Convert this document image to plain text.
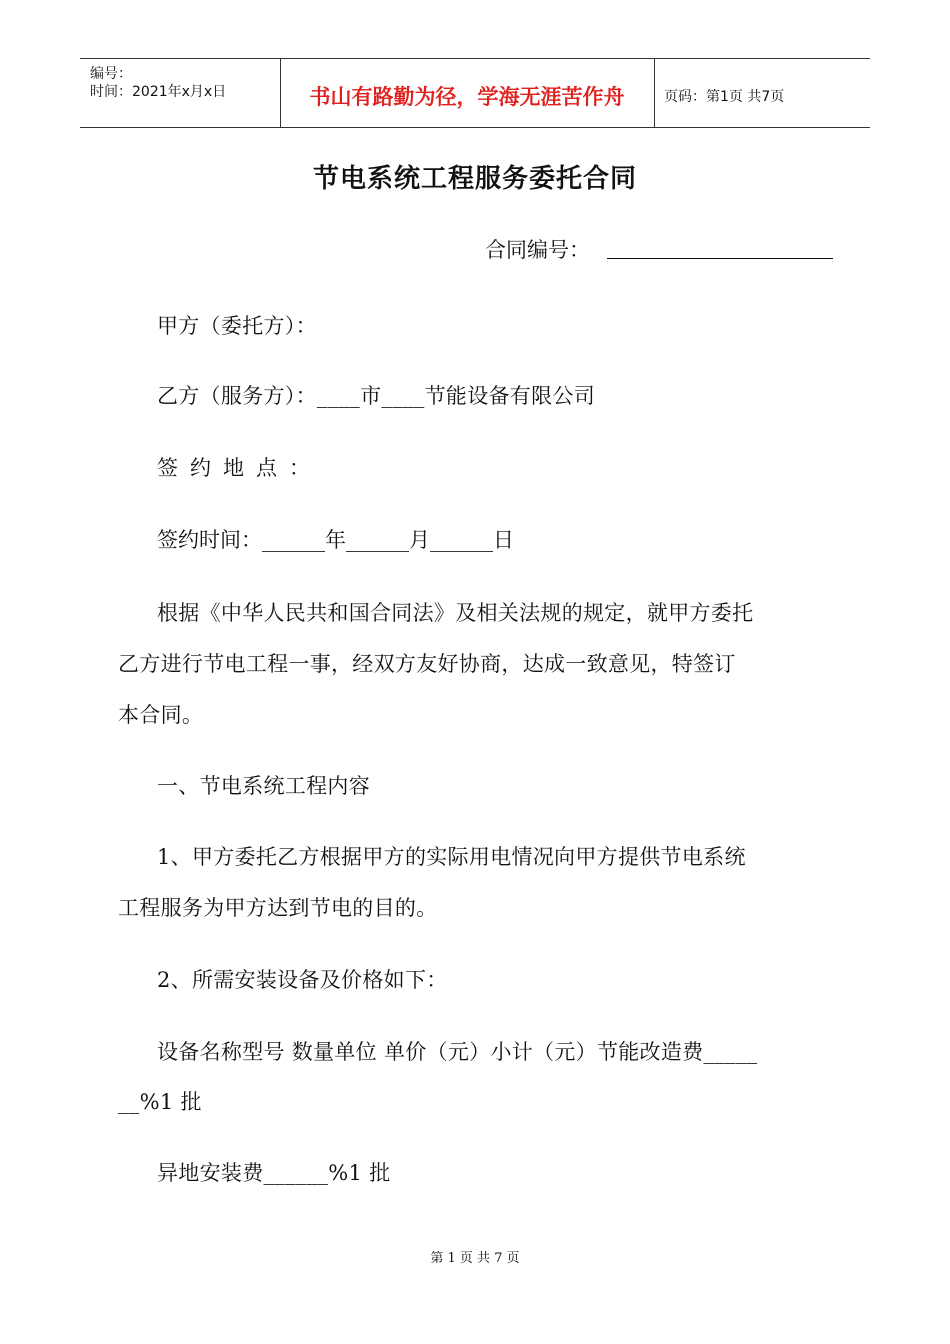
编号：
时间：2021年x月x日	书山有路勤为径，学海无涯苦作舟	页码：第1页 共7页
节电系统工程服务委托合同
合同编号：
甲方（委托方）：
乙方（服务方）：____市____节能设备有限公司
签约地点：
签约时间：______年______月______日
根据《中华人民共和国合同法》及相关法规的规定，就甲方委托
乙方进行节电工程一事，经双方友好协商，达成一致意见，特签订
本合同。
一、节电系统工程内容
1、甲方委托乙方根据甲方的实际用电情况向甲方提供节电系统
工程服务为甲方达到节电的目的。
2、所需安装设备及价格如下：
设备名称型号 数量单位 单价（元）小计（元）节能改造费_____
__%1 批
异地安装费______%1 批
第 1 页 共 7 页
